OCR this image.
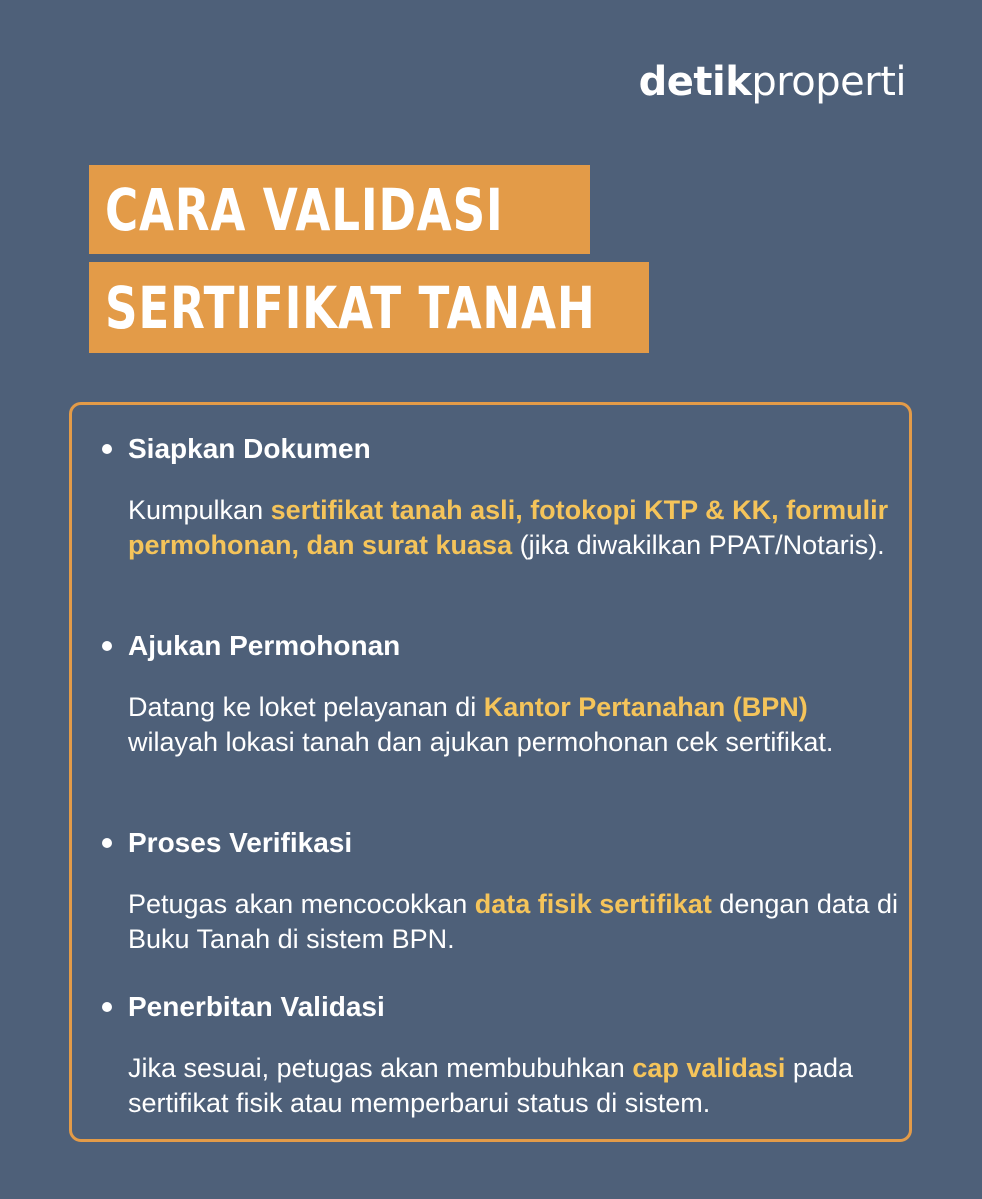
detikproperti
CARA VALIDASI
SERTIFIKAT TANAH
Siapkan Dokumen
Kumpulkan sertifikat tanah asli, fotokopi KTP & KK, formulir permohonan, dan surat kuasa (jika diwakilkan PPAT/Notaris).
Ajukan Permohonan
Datang ke loket pelayanan di Kantor Pertanahan (BPN) wilayah lokasi tanah dan ajukan permohonan cek sertifikat.
Proses Verifikasi
Petugas akan mencocokkan data fisik sertifikat dengan data di Buku Tanah di sistem BPN.
Penerbitan Validasi
Jika sesuai, petugas akan membubuhkan cap validasi pada sertifikat fisik atau memperbarui status di sistem.
